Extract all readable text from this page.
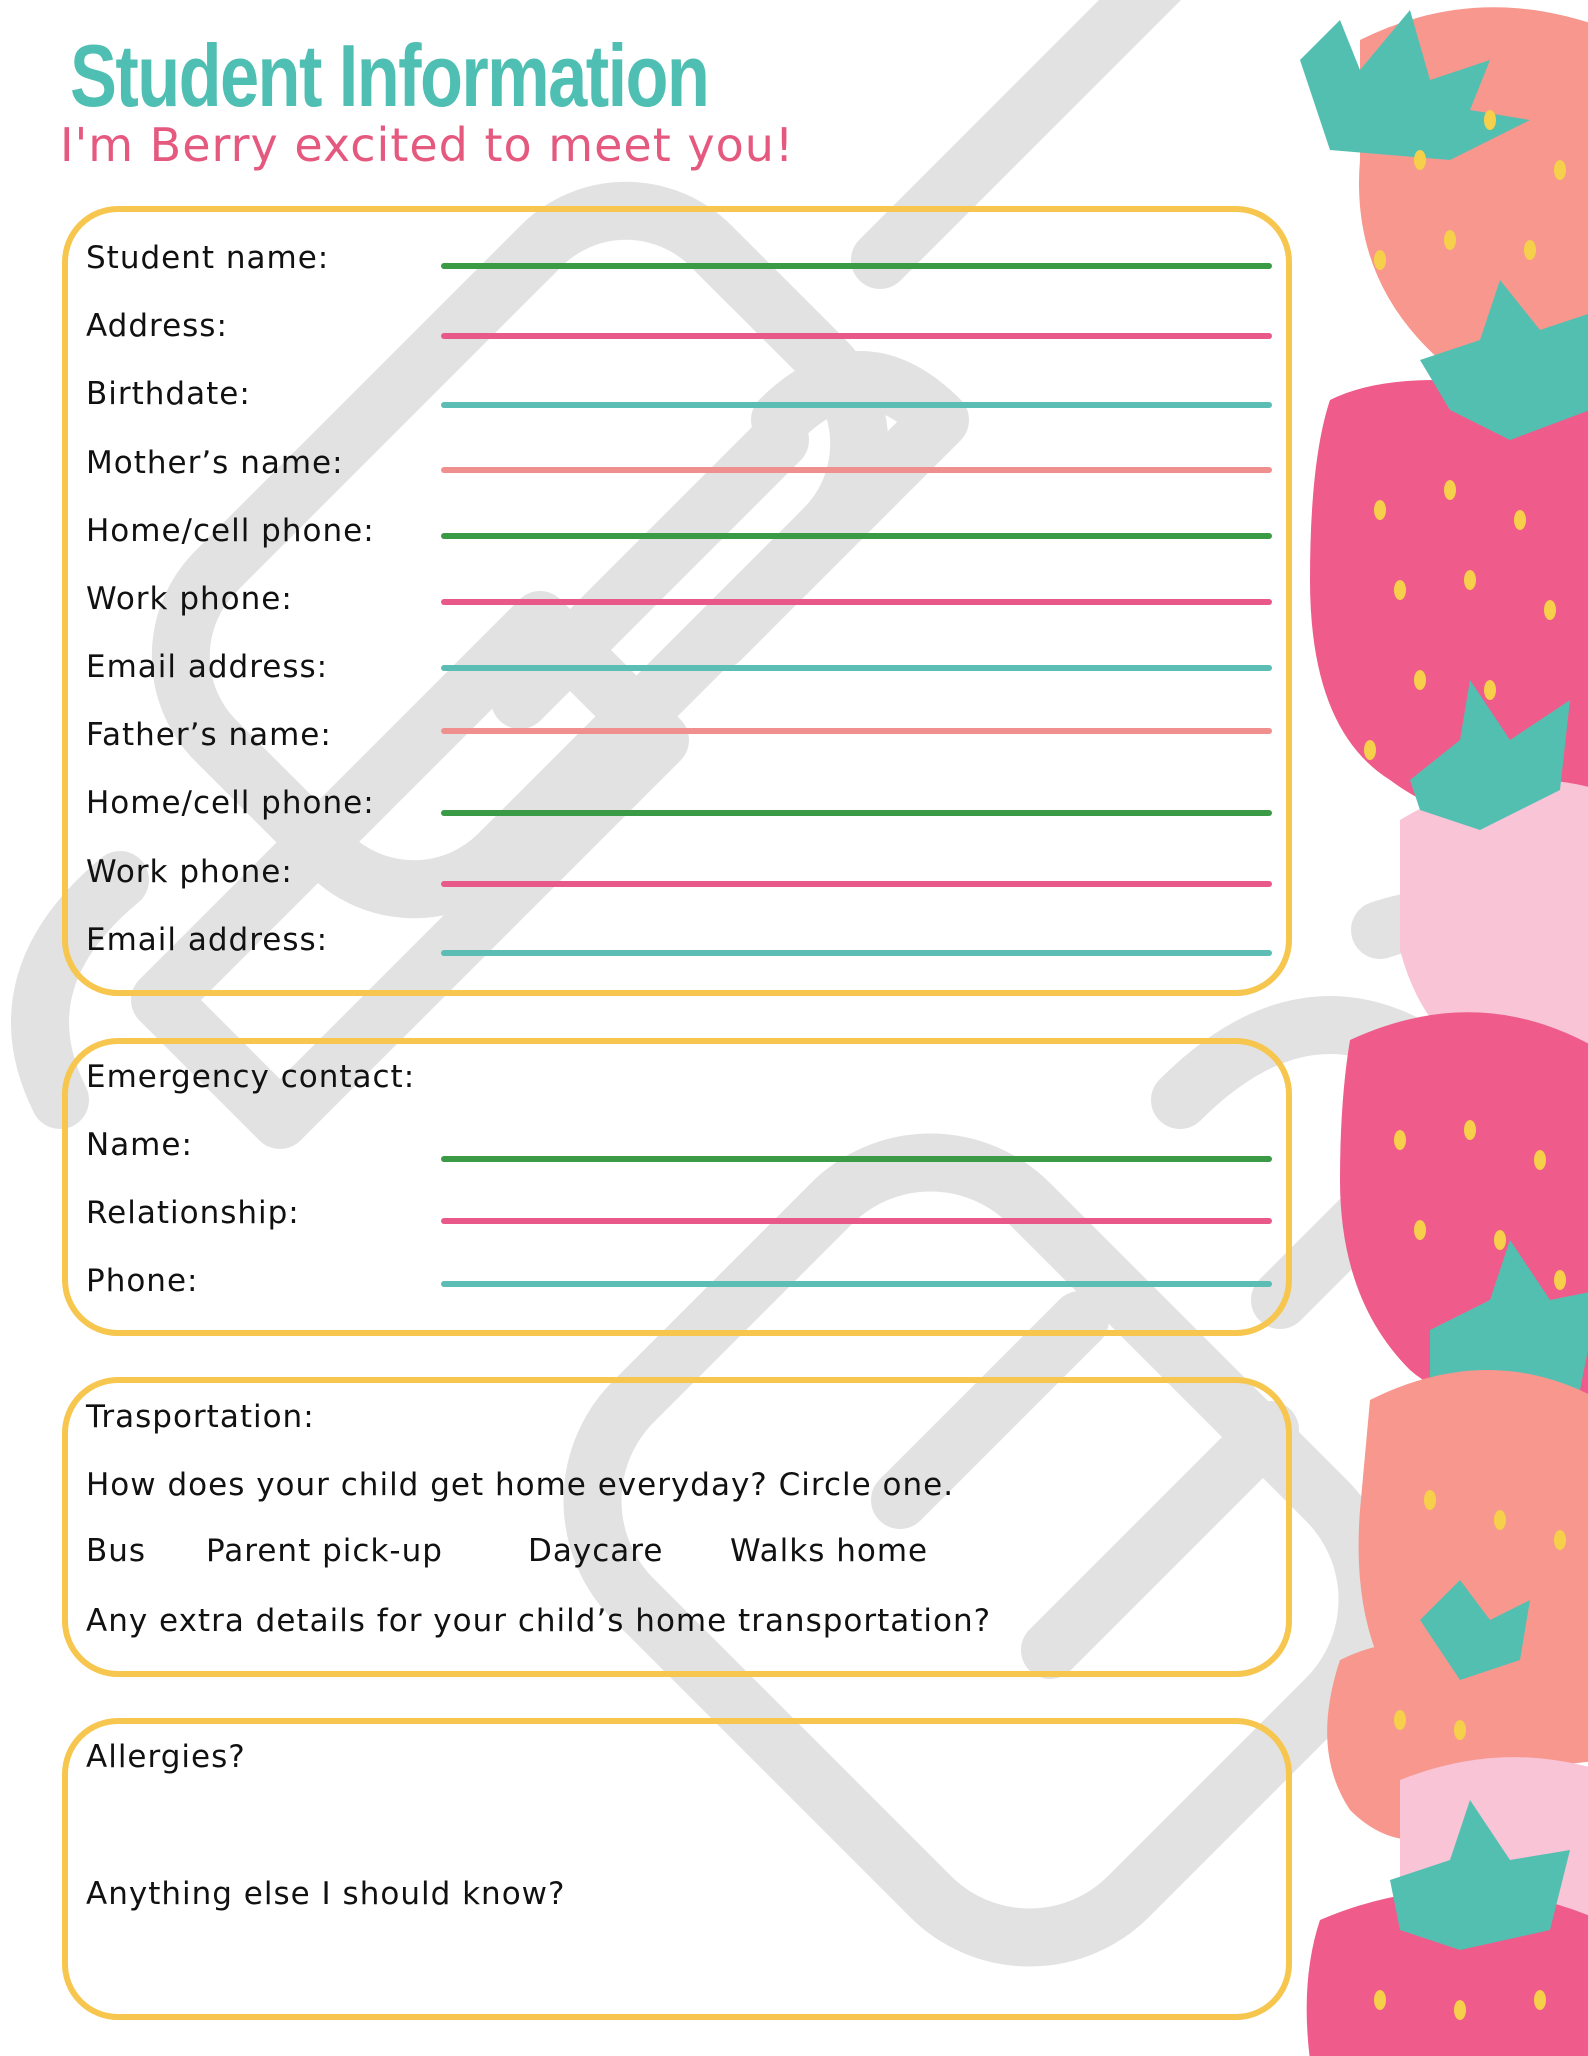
Student Information

I'm Berry excited to meet you!

Student name:

Address:

Birthdate:

Mother’s name:

Home/cell phone:

Work phone:

Email address:

Father’s name:

Home/cell phone:

Work phone:

Email address:

Emergency contact:

Name:

Relationship:

Phone:

Trasportation:

How does your child get home everyday? Circle one.

Bus Parent pick-up	Daycare Walks home

Any extra details for your child’s home transportation?

Allergies?

Anything else I should know?
